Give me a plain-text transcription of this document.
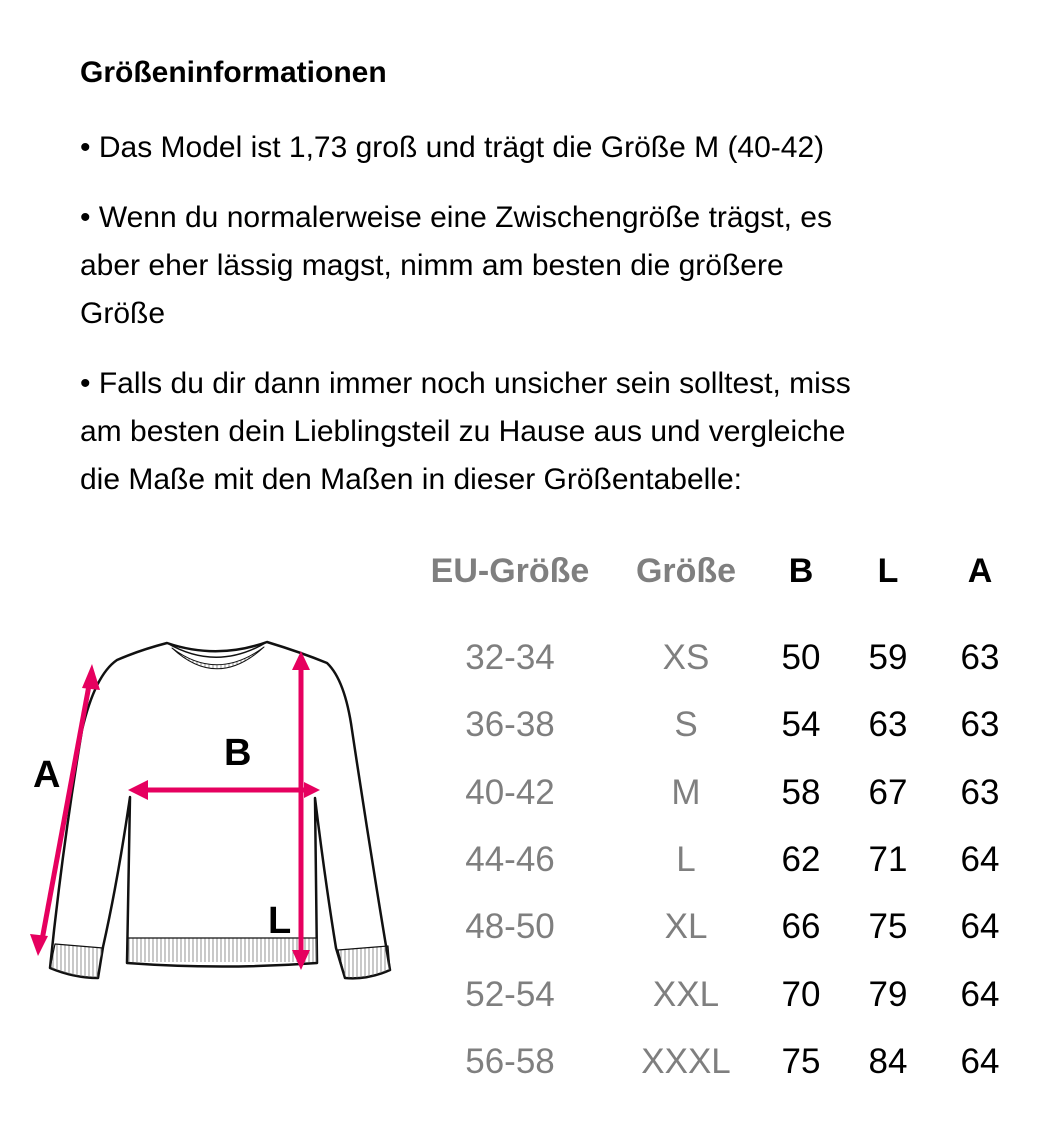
Größeninformationen
• Das Model ist 1,73 groß und trägt die Größe M (40-42)
• Wenn du normalerweise eine Zwischengröße trägst, es
aber eher lässig magst, nimm am besten die größere
Größe
• Falls du dir dann immer noch unsicher sein solltest, miss
am besten dein Lieblingsteil zu Hause aus und vergleiche
die Maße mit den Maßen in dieser Größentabelle:
EU-Größe Größe B L A
32-34	XS 50 59 63
36-38	S 54 63 63
40-42	M 58 67 63
44-46	L 62 71 64
48-50	XL 66 75 64
52-54	XXL 70 79 64
56-58 XXXL 75 84 64
A
B
L
